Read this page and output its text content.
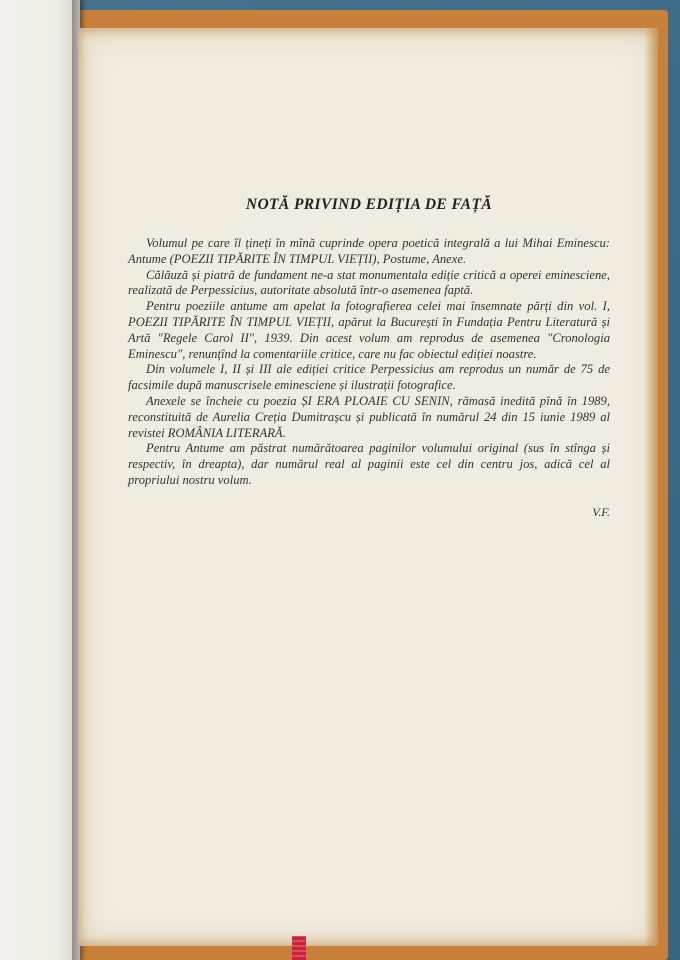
NOTĂ PRIVIND EDIȚIA DE FAȚĂ

Volumul pe care îl țineți în mînă cuprinde opera poetică integrală a lui Mihai Eminescu: Antume (POEZII TIPĂRITE ÎN TIMPUL VIEȚII), Postume, Anexe.

Călăuză și piatră de fundament ne-a stat monumentala ediție critică a operei eminesciene, realizată de Perpessicius, autoritate absolută într-o asemenea faptă.

Pentru poeziile antume am apelat la fotografierea celei mai însemnate părți din vol. I, POEZII TIPĂRITE ÎN TIMPUL VIEȚII, apărut la București în Fundația Pentru Literatură și Artă "Regele Carol II", 1939. Din acest volum am reprodus de asemenea "Cronologia Eminescu", renunțînd la comentariile critice, care nu fac obiectul ediției noastre.

Din volumele I, II și III ale ediției critice Perpessicius am reprodus un număr de 75 de facsimile după manuscrisele eminesciene și ilustrații fotografice.

Anexele se încheie cu poezia ȘI ERA PLOAIE CU SENIN, rămasă inedită pînă în 1989, reconstituită de Aurelia Creția Dumitrașcu și publicată în numărul 24 din 15 iunie 1989 al revistei ROMÂNIA LITERARĂ.

Pentru Antume am păstrat numărătoarea paginilor volumului original (sus în stînga și respectiv, în dreapta), dar numărul real al paginii este cel din centru jos, adică cel al propriului nostru volum.

V.F.
